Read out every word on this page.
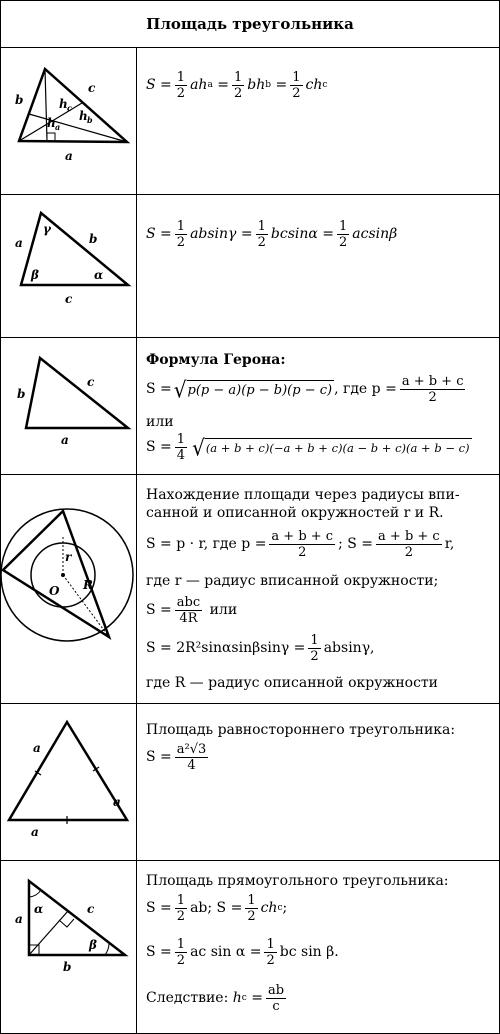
Площадь треугольника
b
c
a
h c
h b
h a
S
= $\frac{1}{2}$ ah a
= $\frac{1}{2}$ bh b
= $\frac{1}{2}$ ch c
a	b
c
γ
β	α
S
= $\frac{1}{2}$ absinγ
= $\frac{1}{2}$ bcsinα
= $\frac{1}{2}$ acsinβ
b
c
a
Формула Герона:
S = √ p(p − a)(p − b)(p − c) , где $p = \frac{a + b + c}{2}$
или
$S = \frac{1}{4}$ √ (a + b + c)(−a + b + c)(a − b + c)(a + b − c)
r
R
O
Нахождение площади через радиусы впи-
санной и описанной окружностей r и R.
S = p · r, где $p = \frac{a + b + c}{2}$ ; $S = \frac{a + b + c}{2} r$,
где r — радиус вписанной окружности;
$S = \frac{\text{abc}}{4R}$
или
$S = 2R^2\sin\alpha\sin\beta\sin\gamma = \frac{1}{2} absin\gamma$,
где R — радиус описанной окружности
a
a
a
Площадь равностороннего треугольника:
$S = \frac{\text{a²√3}}{4}$
a
c
b
α
β
Площадь прямоугольного треугольника:
$S = \frac{1}{2}$ ab; $S = \frac{1}{2}$ ch c ;
$S = \frac{1}{2}$ ac $\sin \alpha = \frac{1}{2}$ bc sin β.
Следствие:
h c
= $\frac{ab}{c}$
